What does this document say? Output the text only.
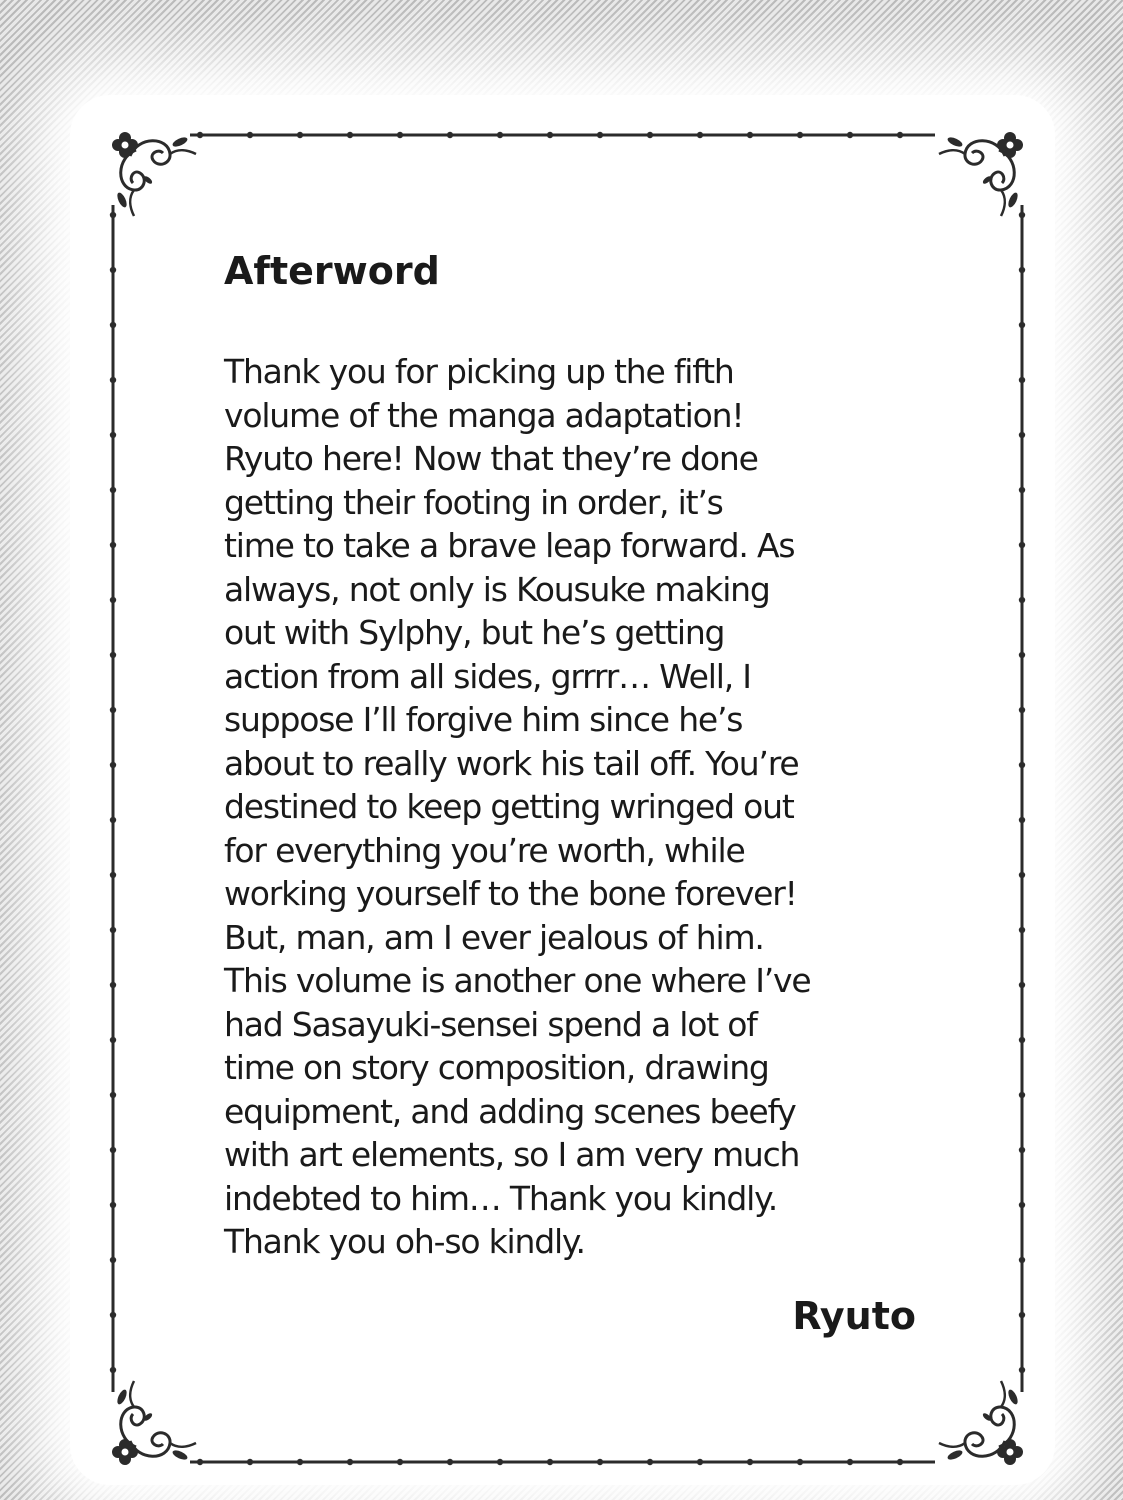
Afterword
Thank you for picking up the fifth
volume of the manga adaptation!
Ryuto here! Now that they’re done
getting their footing in order, it’s
time to take a brave leap forward. As
always, not only is Kousuke making
out with Sylphy, but he’s getting
action from all sides, grrrr… Well, I
suppose I’ll forgive him since he’s
about to really work his tail off. You’re
destined to keep getting wringed out
for everything you’re worth, while
working yourself to the bone forever!
But, man, am I ever jealous of him.
This volume is another one where I’ve
had Sasayuki-sensei spend a lot of
time on story composition, drawing
equipment, and adding scenes beefy
with art elements, so I am very much
indebted to him… Thank you kindly.
Thank you oh-so kindly.

Ryuto
